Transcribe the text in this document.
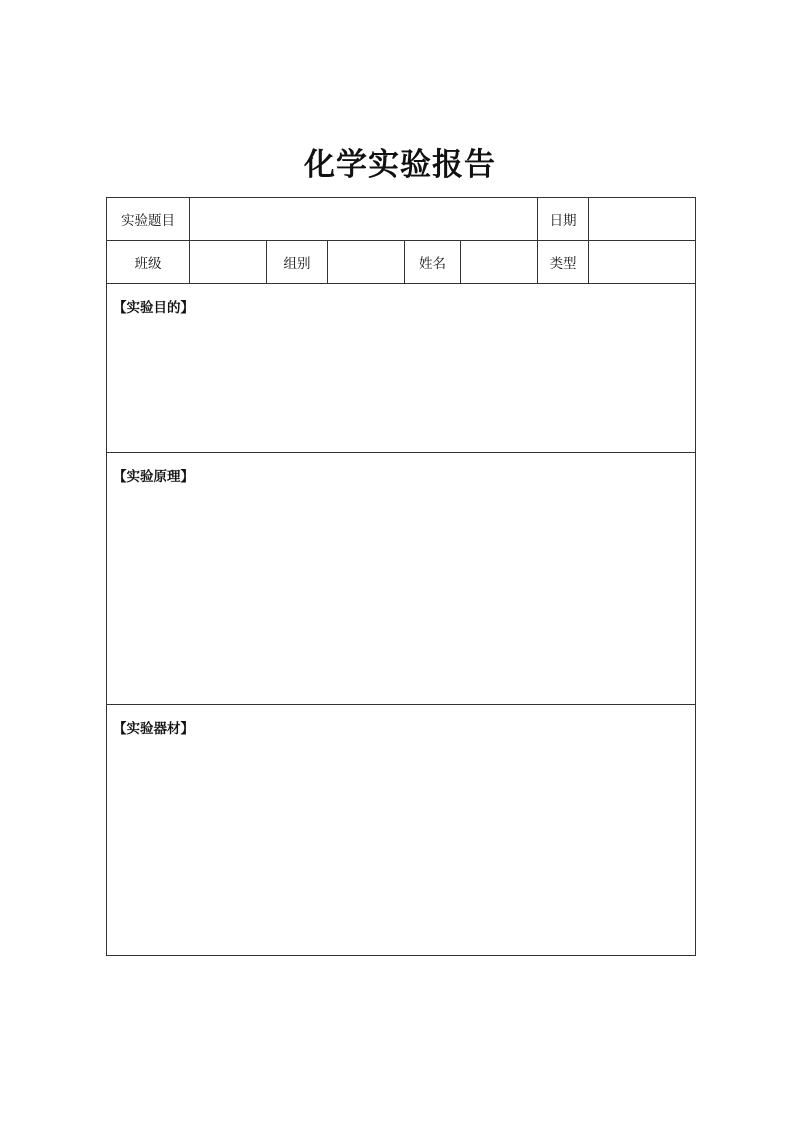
化学实验报告
实验题目						日期	
班级		组别		姓名		类型	
【实验目的】							
【实验原理】							
【实验器材】							
